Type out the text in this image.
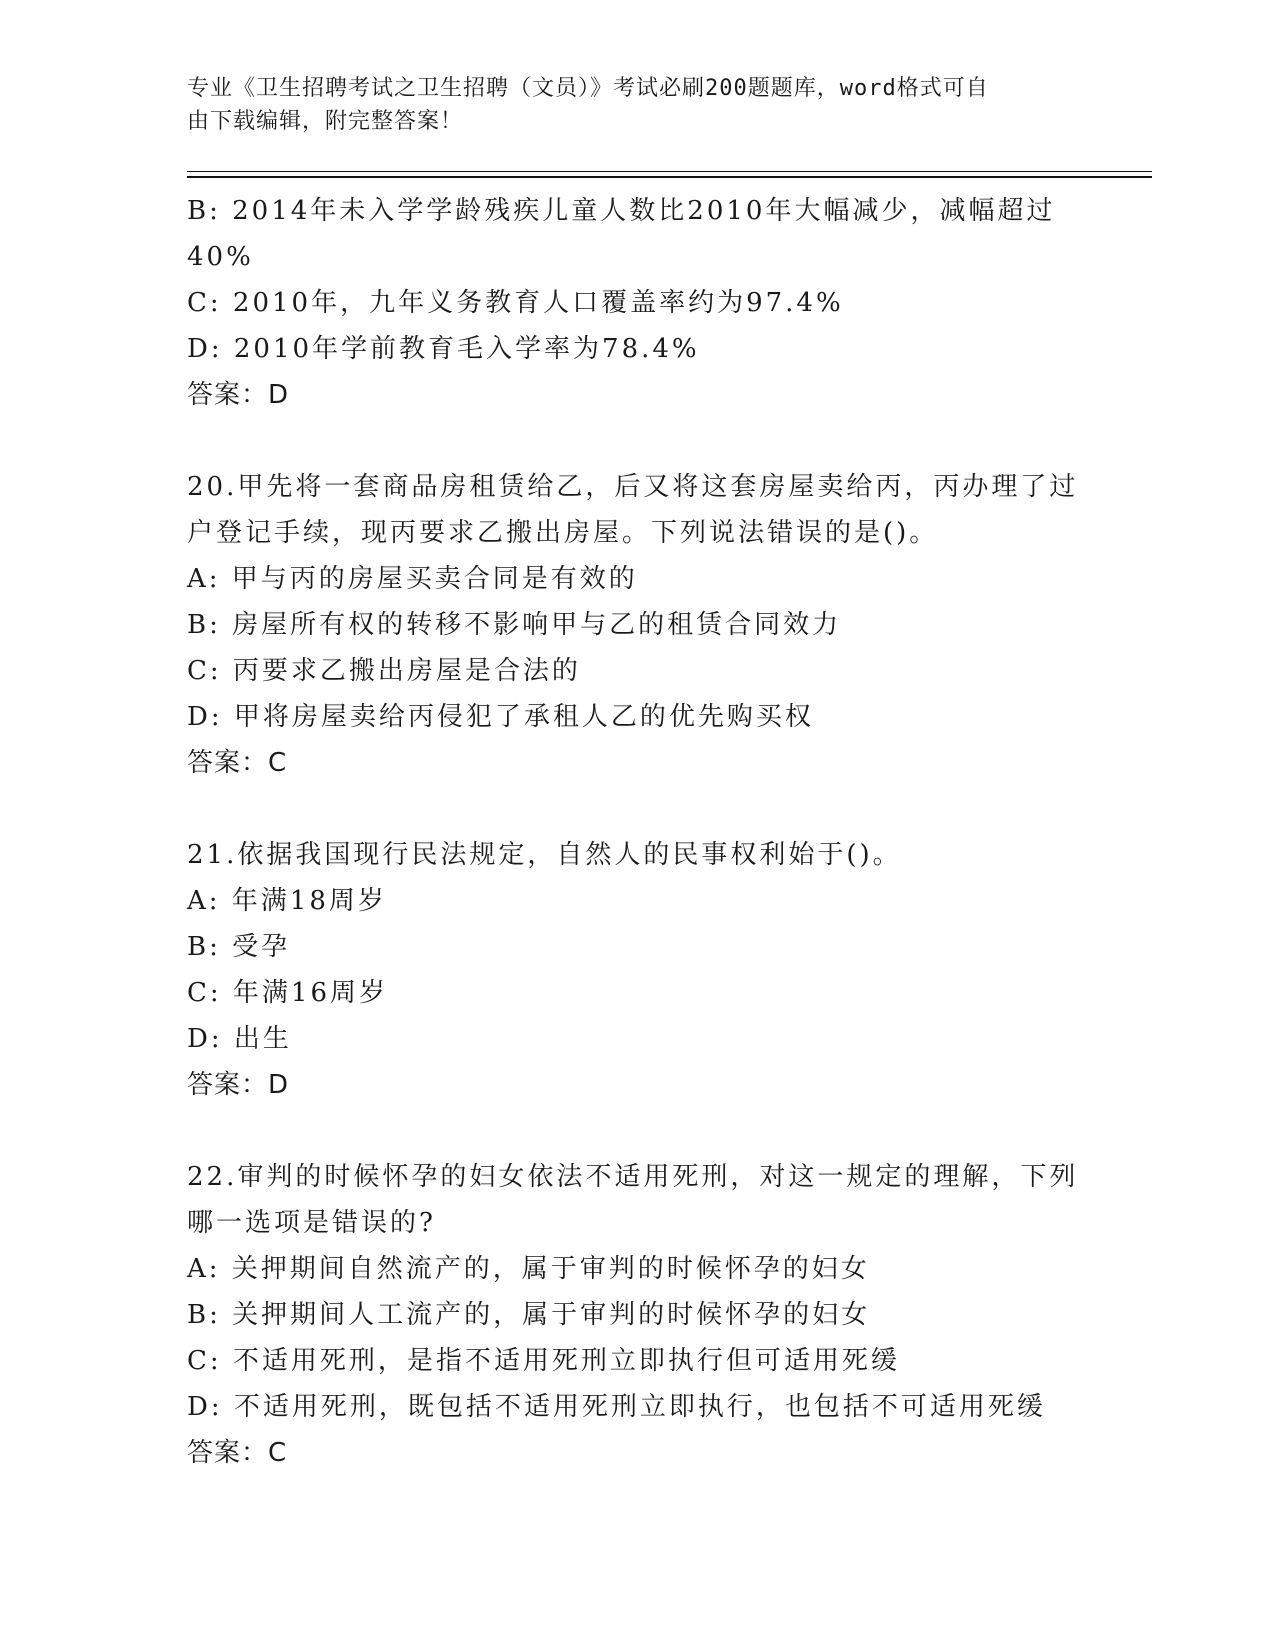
专业《卫生招聘考试之卫生招聘（文员）》考试必刷200题题库，word格式可自
由下载编辑，附完整答案！
B: 2014年未入学学龄残疾儿童人数比2010年大幅减少，减幅超过
40%
C: 2010年，九年义务教育人口覆盖率约为97.4%
D: 2010年学前教育毛入学率为78.4%
答案：D
20.甲先将一套商品房租赁给乙，后又将这套房屋卖给丙，丙办理了过
户登记手续，现丙要求乙搬出房屋。下列说法错误的是()。
A: 甲与丙的房屋买卖合同是有效的
B: 房屋所有权的转移不影响甲与乙的租赁合同效力
C: 丙要求乙搬出房屋是合法的
D: 甲将房屋卖给丙侵犯了承租人乙的优先购买权
答案：C
21.依据我国现行民法规定，自然人的民事权利始于()。
A: 年满18周岁
B: 受孕
C: 年满16周岁
D: 出生
答案：D
22.审判的时候怀孕的妇女依法不适用死刑，对这一规定的理解，下列
哪一选项是错误的?
A: 关押期间自然流产的，属于审判的时候怀孕的妇女
B: 关押期间人工流产的，属于审判的时候怀孕的妇女
C: 不适用死刑，是指不适用死刑立即执行但可适用死缓
D: 不适用死刑，既包括不适用死刑立即执行，也包括不可适用死缓
答案：C
